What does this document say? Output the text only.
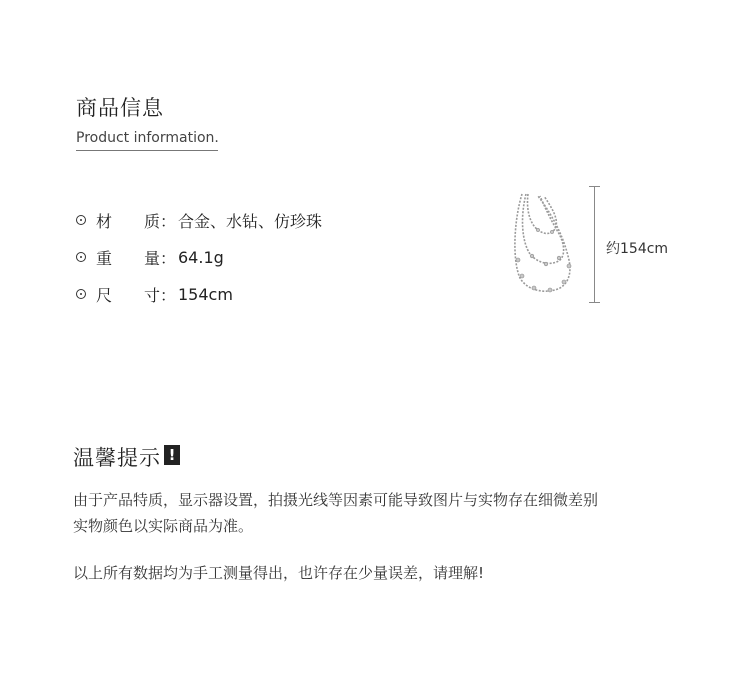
商品信息
Product information.
材　　质： 合金、水钻、仿珍珠
重　　量： 64.1g
尺　　寸： 154cm
约154cm
温馨提示 !
由于产品特质，显示器设置，拍摄光线等因素可能导致图片与实物存在细微差别
实物颜色以实际商品为准。
以上所有数据均为手工测量得出，也许存在少量误差，请理解!
